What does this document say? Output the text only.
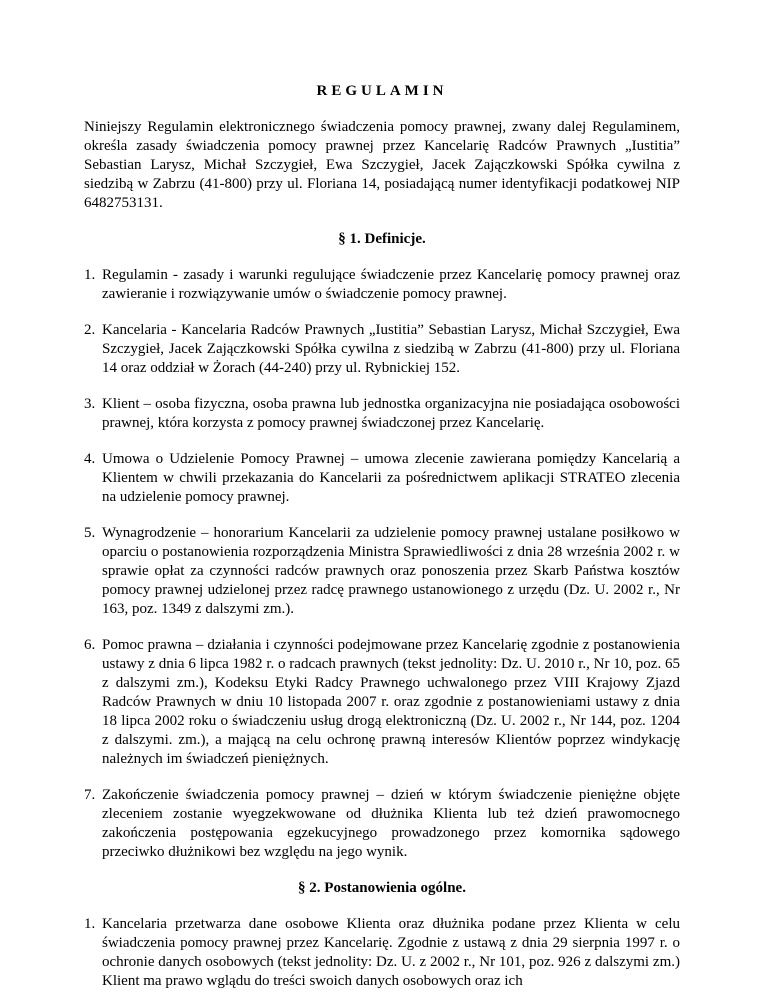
REGULAMIN
Niniejszy Regulamin elektronicznego świadczenia pomocy prawnej, zwany dalej Regulaminem, określa zasady świadczenia pomocy prawnej przez Kancelarię Radców Prawnych „Iustitia” Sebastian Larysz, Michał Szczygieł, Ewa Szczygieł, Jacek Zajączkowski Spółka cywilna z siedzibą w Zabrzu (41-800) przy ul. Floriana 14, posiadającą numer identyfikacji podatkowej NIP 6482753131.
§ 1. Definicje.
1. Regulamin - zasady i warunki regulujące świadczenie przez Kancelarię pomocy prawnej oraz zawieranie i rozwiązywanie umów o świadczenie pomocy prawnej.
2. Kancelaria - Kancelaria Radców Prawnych „Iustitia” Sebastian Larysz, Michał Szczygieł, Ewa Szczygieł, Jacek Zajączkowski Spółka cywilna z siedzibą w Zabrzu (41-800) przy ul. Floriana 14 oraz oddział w Żorach (44-240) przy ul. Rybnickiej 152.
3. Klient – osoba fizyczna, osoba prawna lub jednostka organizacyjna nie posiadająca osobowości prawnej, która korzysta z pomocy prawnej świadczonej przez Kancelarię.
4. Umowa o Udzielenie Pomocy Prawnej – umowa zlecenie zawierana pomiędzy Kancelarią a Klientem w chwili przekazania do Kancelarii za pośrednictwem aplikacji STRATEO zlecenia na udzielenie pomocy prawnej.
5. Wynagrodzenie – honorarium Kancelarii za udzielenie pomocy prawnej ustalane posiłkowo w oparciu o postanowienia rozporządzenia Ministra Sprawiedliwości z dnia 28 września 2002 r. w sprawie opłat za czynności radców prawnych oraz ponoszenia przez Skarb Państwa kosztów pomocy prawnej udzielonej przez radcę prawnego ustanowionego z urzędu (Dz. U. 2002 r., Nr 163, poz. 1349 z dalszymi zm.).
6. Pomoc prawna – działania i czynności podejmowane przez Kancelarię zgodnie z postanowienia ustawy z dnia 6 lipca 1982 r. o radcach prawnych (tekst jednolity: Dz. U. 2010 r., Nr 10, poz. 65 z dalszymi zm.), Kodeksu Etyki Radcy Prawnego uchwalonego przez VIII Krajowy Zjazd Radców Prawnych w dniu 10 listopada 2007 r. oraz zgodnie z postanowieniami ustawy z dnia 18 lipca 2002 roku o świadczeniu usług drogą elektroniczną (Dz. U. 2002 r., Nr 144, poz. 1204 z dalszymi. zm.), a mającą na celu ochronę prawną interesów Klientów poprzez windykację należnych im świadczeń pieniężnych.
7. Zakończenie świadczenia pomocy prawnej – dzień w którym świadczenie pieniężne objęte zleceniem zostanie wyegzekwowane od dłużnika Klienta lub też dzień prawomocnego zakończenia postępowania egzekucyjnego prowadzonego przez komornika sądowego przeciwko dłużnikowi bez względu na jego wynik.
§ 2. Postanowienia ogólne.
1. Kancelaria przetwarza dane osobowe Klienta oraz dłużnika podane przez Klienta w celu świadczenia pomocy prawnej przez Kancelarię. Zgodnie z ustawą z dnia 29 sierpnia 1997 r. o ochronie danych osobowych (tekst jednolity: Dz. U. z 2002 r., Nr 101, poz. 926 z dalszymi zm.) Klient ma prawo wglądu do treści swoich danych osobowych oraz ich
